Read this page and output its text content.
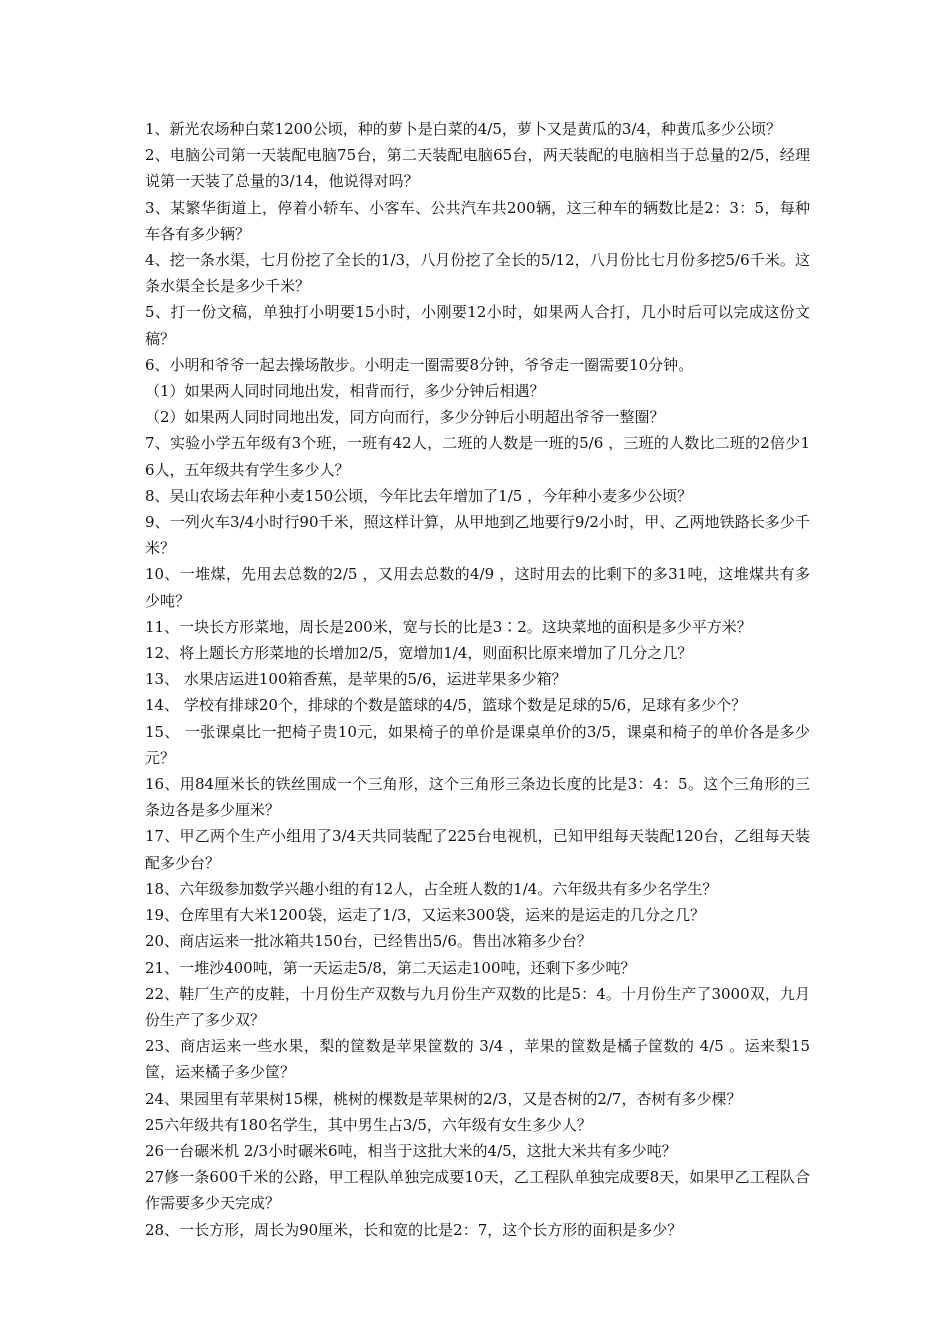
1、新光农场种白菜1200公顷，种的萝卜是白菜的4/5，萝卜又是黄瓜的3/4，种黄瓜多少公顷？

2、电脑公司第一天装配电脑75台，第二天装配电脑65台，两天装配的电脑相当于总量的2/5，经理说第一天装了总量的3/14，他说得对吗？

3、某繁华街道上，停着小轿车、小客车、公共汽车共200辆，这三种车的辆数比是2：3：5，每种车各有多少辆？

4、挖一条水渠，七月份挖了全长的1/3，八月份挖了全长的5/12，八月份比七月份多挖5/6千米。这条水渠全长是多少千米？

5、打一份文稿，单独打小明要15小时，小刚要12小时，如果两人合打，几小时后可以完成这份文稿？

6、小明和爷爷一起去操场散步。小明走一圈需要8分钟，爷爷走一圈需要10分钟。

（1）如果两人同时同地出发，相背而行，多少分钟后相遇？

（2）如果两人同时同地出发，同方向而行，多少分钟后小明超出爷爷一整圈？

7、实验小学五年级有3个班，一班有42人，二班的人数是一班的5/6 ，三班的人数比二班的2倍少16人，五年级共有学生多少人？

8、吴山农场去年种小麦150公顷，今年比去年增加了1/5 ，今年种小麦多少公顷？

9、一列火车3/4小时行90千米，照这样计算，从甲地到乙地要行9/2小时，甲、乙两地铁路长多少千米？

10、一堆煤，先用去总数的2/5 ，又用去总数的4/9 ，这时用去的比剩下的多31吨，这堆煤共有多少吨？

11、一块长方形菜地，周长是200米，宽与长的比是3∶2。这块菜地的面积是多少平方米？

12、将上题长方形菜地的长增加2/5，宽增加1/4，则面积比原来增加了几分之几？

13、 水果店运进100箱香蕉，是苹果的5/6，运进苹果多少箱？

14、 学校有排球20个，排球的个数是篮球的4/5，篮球个数是足球的5/6，足球有多少个？

15、 一张课桌比一把椅子贵10元，如果椅子的单价是课桌单价的3/5，课桌和椅子的单价各是多少元？

16、用84厘米长的铁丝围成一个三角形，这个三角形三条边长度的比是3：4：5。这个三角形的三条边各是多少厘米？

17、甲乙两个生产小组用了3/4天共同装配了225台电视机，已知甲组每天装配120台，乙组每天装配多少台？

18、六年级参加数学兴趣小组的有12人，占全班人数的1/4。六年级共有多少名学生？

19、仓库里有大米1200袋，运走了1/3，又运来300袋，运来的是运走的几分之几？

20、商店运来一批冰箱共150台，已经售出5/6。售出冰箱多少台？

21、一堆沙400吨，第一天运走5/8，第二天运走100吨，还剩下多少吨？

22、鞋厂生产的皮鞋，十月份生产双数与九月份生产双数的比是5：4。十月份生产了3000双，九月份生产了多少双？

23、商店运来一些水果，梨的筐数是苹果筐数的 3/4 ，苹果的筐数是橘子筐数的 4/5 。运来梨15筐，运来橘子多少筐？

24、果园里有苹果树15棵，桃树的棵数是苹果树的2/3，又是杏树的2/7，杏树有多少棵？

25六年级共有180名学生，其中男生占3/5，六年级有女生多少人？

26一台碾米机 2/3小时碾米6吨，相当于这批大米的4/5，这批大米共有多少吨？

27修一条600千米的公路，甲工程队单独完成要10天，乙工程队单独完成要8天，如果甲乙工程队合作需要多少天完成？

28、一长方形，周长为90厘米，长和宽的比是2：7，这个长方形的面积是多少？
